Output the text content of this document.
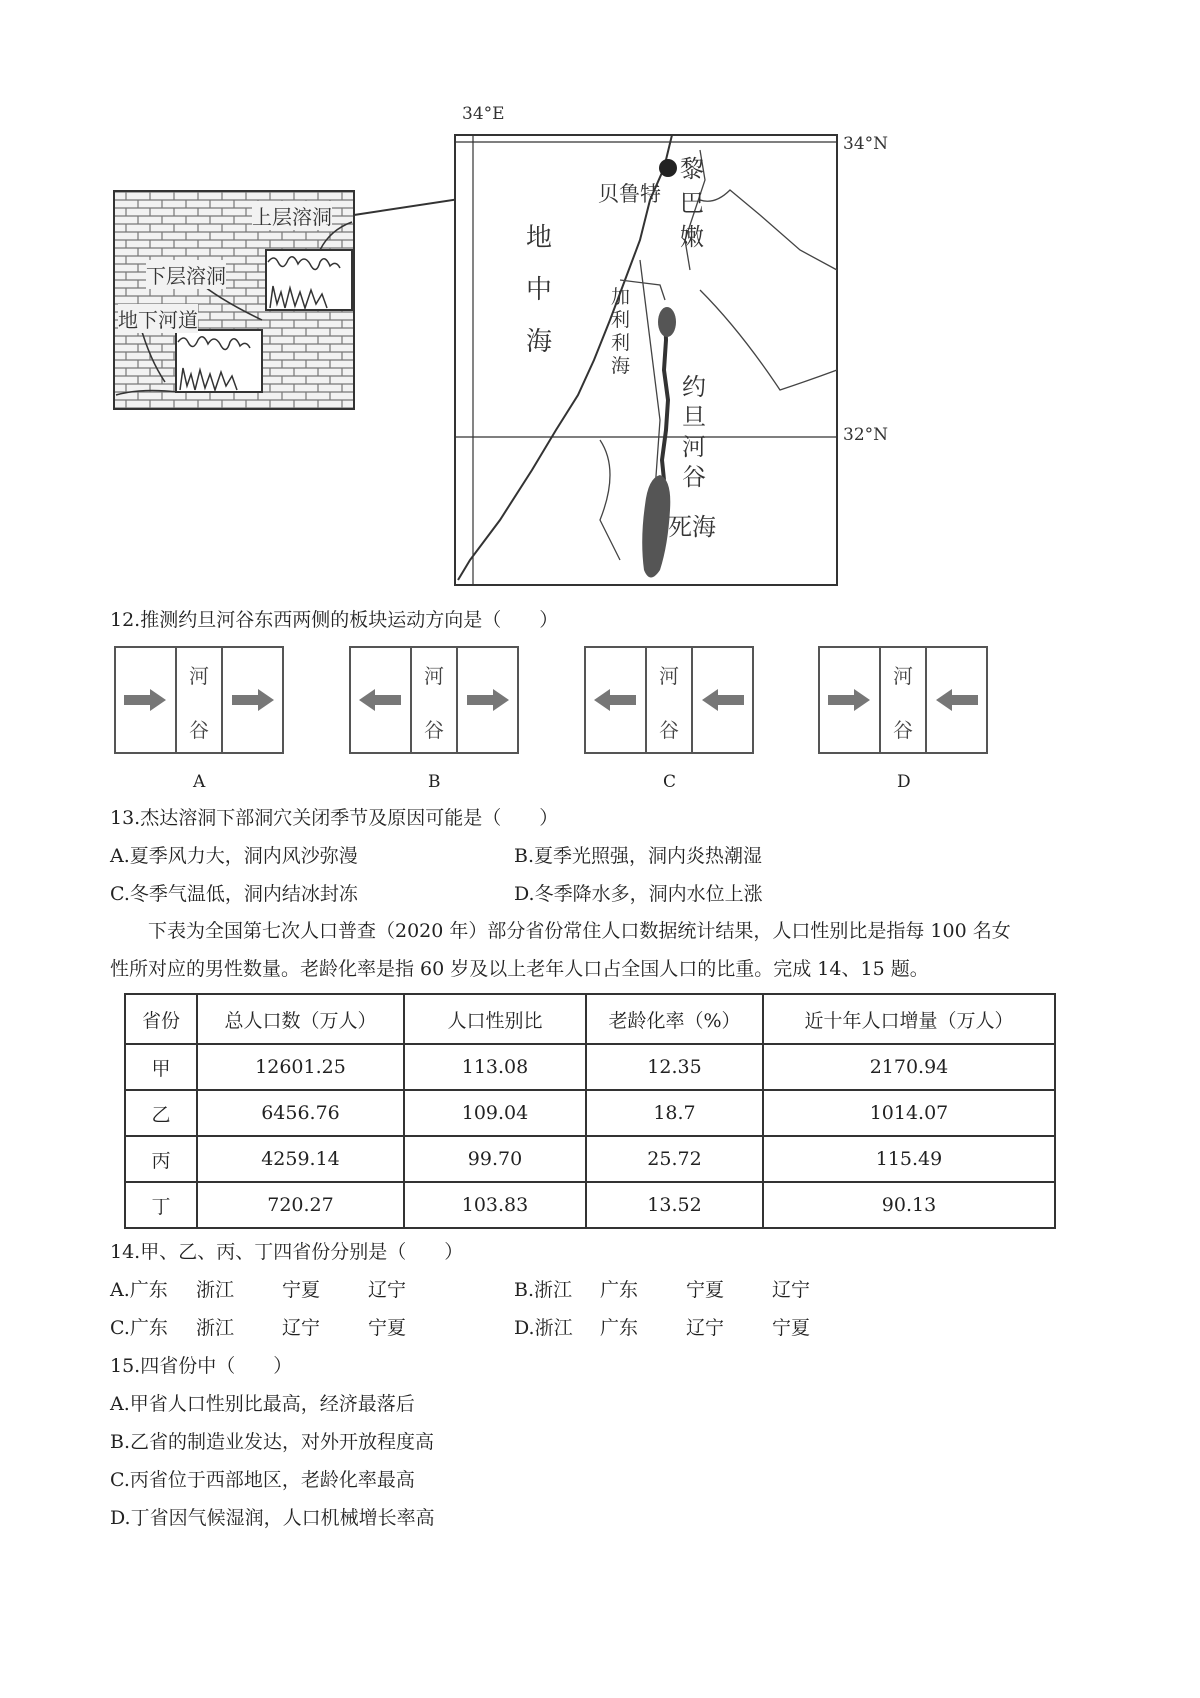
34°E
34°N
32°N
地中海
贝鲁特
黎巴嫩
加利利海
约旦河谷
死海
上层溶洞
下层溶洞
地下河道
12.推测约旦河谷东西两侧的板块运动方向是（　　）
河
谷
河
谷
河
谷
河
谷
A	B	C	D
13.杰达溶洞下部洞穴关闭季节及原因可能是（　　）
A.夏季风力大，洞内风沙弥漫	B.夏季光照强，洞内炎热潮湿
C.冬季气温低，洞内结冰封冻	D.冬季降水多，洞内水位上涨
下表为全国第七次人口普查（2020 年）部分省份常住人口数据统计结果，人口性别比是指每 100 名女
性所对应的男性数量。老龄化率是指 60 岁及以上老年人口占全国人口的比重。完成 14、15 题。
省份	总人口数（万人）	人口性别比	老龄化率（%）	近十年人口增量（万人）
甲	12601.25	113.08	12.35	2170.94
乙	6456.76	109.04	18.7	1014.07
丙	4259.14	99.70	25.72	115.49
丁	720.27	103.83	13.52	90.13
14.甲、乙、丙、丁四省份分别是（　　）
A.广东 浙江	宁夏	辽宁	B.浙江 广东	宁夏	辽宁
C.广东 浙江	辽宁	宁夏	D.浙江 广东	辽宁	宁夏
15.四省份中（　　）
A.甲省人口性别比最高，经济最落后
B.乙省的制造业发达，对外开放程度高
C.丙省位于西部地区，老龄化率最高
D.丁省因气候湿润，人口机械增长率高
